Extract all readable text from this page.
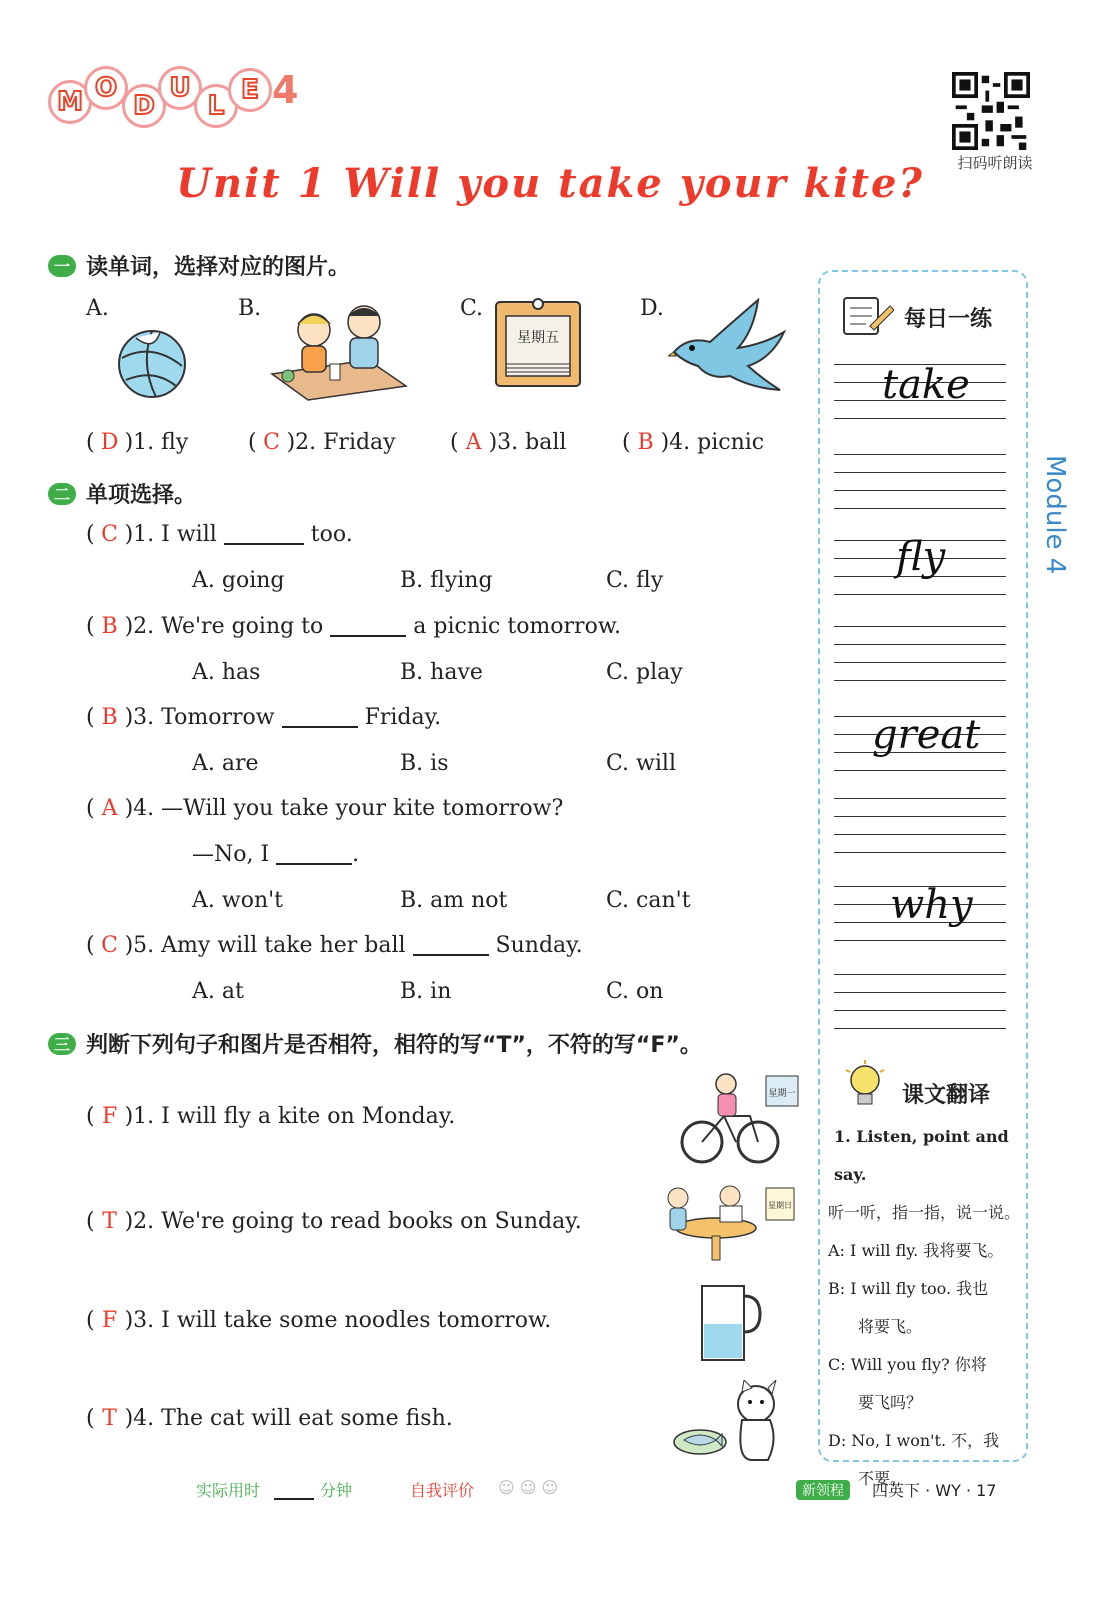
M O
D
U
L
E 4
扫码听朗读
Unit 1 Will you take your kite?
一 读单词，选择对应的图片。
A.	B.	C.
星期五
D.
( D )1. fly	( C )2. Friday ( A )3. ball	( B )4. picnic
二 单项选择。
( C )1. I will	too.
A. going	B. flying	C. fly
( B )2. We're going to	a picnic tomorrow.
A. has	B. have	C. play
( B )3. Tomorrow	Friday.
A. are	B. is	C. will
( A )4. —Will you take your kite tomorrow?
—No, I	.
A. won't	B. am not	C. can't
( C )5. Amy will take her ball	Sunday.
A. at	B. in	C. on
三 判断下列句子和图片是否相符，相符的写“T”，不符的写“F”。
( F )1. I will fly a kite on Monday.
星期一
( T )2. We're going to read books on Sunday.
星期日
( F )3. I will take some noodles tomorrow.
( T )4. The cat will eat some fish.
每日一练
take
fly
great
why
课文翻译
1. Listen, point and say.
听一听，指一指，说一说。
A: I will fly. 我将要飞。
B: I will fly too. 我也
将要飞。
C: Will you fly? 你将
要飞吗？
D: No, I won't. 不，我
不要。
Module 4
实际用时	分钟	自我评价 ☺ ☺ ☺	新领程	四英下 · WY · 17
